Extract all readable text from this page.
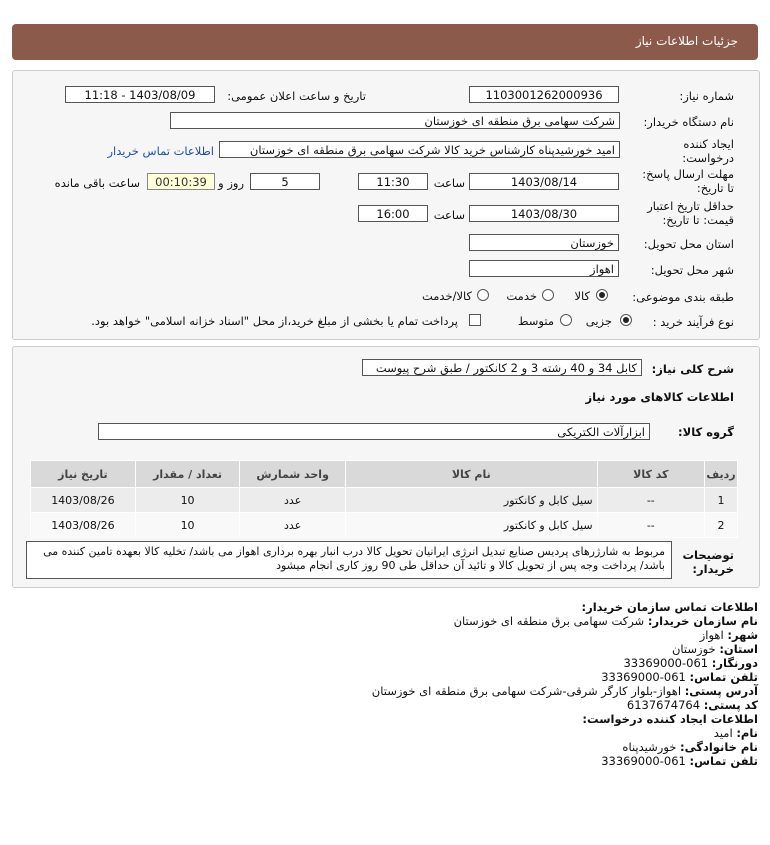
جزئیات اطلاعات نیاز
شماره نیاز:
1103001262000936
تاریخ و ساعت اعلان عمومی:
1403/08/09 - 11:18
نام دستگاه خریدار:
شرکت سهامی برق منطقه ای خوزستان
ایجاد کننده
درخواست:
امید خورشیدپناه کارشناس خرید کالا شرکت سهامی برق منطقه ای خوزستان
اطلاعات تماس خریدار
مهلت ارسال پاسخ:
تا تاریخ:
1403/08/14
ساعت
11:30
5
روز و
00:10:39
ساعت باقی مانده
حداقل تاریخ اعتبار
قیمت: تا تاریخ:
1403/08/30
ساعت
16:00
استان محل تحویل:
خوزستان
شهر محل تحویل:
اهواز
طبقه بندی موضوعی:
کالا
خدمت
کالا/خدمت
نوع فرآیند خرید :
جزیی
متوسط
پرداخت تمام یا بخشی از مبلغ خرید،از محل "اسناد خزانه اسلامی" خواهد بود.
شرح کلی نیاز:
کابل 34 و 40 رشته 3 و 2 کانکتور / طبق شرح پیوست
اطلاعات کالاهای مورد نیاز
گروه کالا:
ابزارآلات الکتریکی
ردیف	کد کالا	نام کالا	واحد شمارش	تعداد / مقدار	تاریخ نیاز
1	--	سیل کابل و کانکتور	عدد	10	1403/08/26
2	--	سیل کابل و کانکتور	عدد	10	1403/08/26
توضیحات
خریدار:
مربوط به شارژرهای پردیس صنایع تبدیل انرژی ایرانیان تحویل کالا درب انبار بهره برداری اهواز می باشد/ تخلیه کالا بعهده تامین کننده می باشد/ پرداخت وجه پس از تحویل کالا و تائید آن حداقل طی 90 روز کاری انجام میشود
اطلاعات تماس سازمان خریدار:
نام سازمان خریدار: شرکت سهامی برق منطقه ای خوزستان
شهر: اهواز
استان: خوزستان
دورنگار: 061-33369000
تلفن تماس: 061-33369000
آدرس پستی: اهواز-بلوار کارگر شرقی-شرکت سهامی برق منطقه ای خوزستان
کد پستی: 6137674764
اطلاعات ایجاد کننده درخواست:
نام: امید
نام خانوادگی: خورشیدپناه
تلفن تماس: 061-33369000
